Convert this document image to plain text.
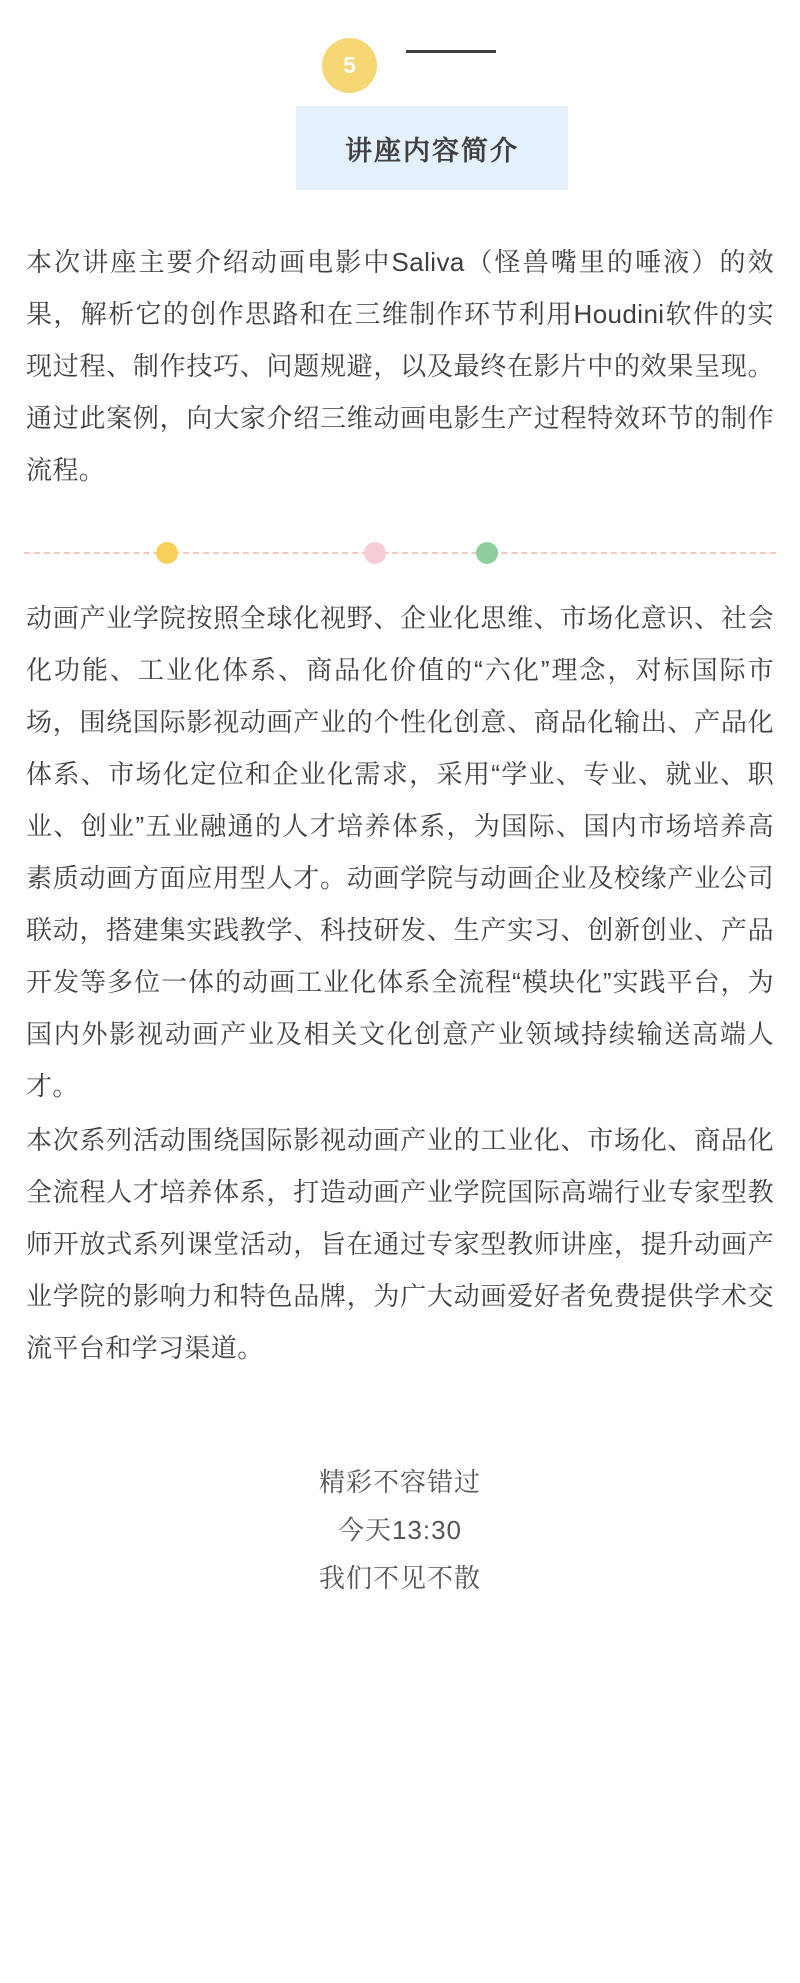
5
讲座内容简介

本次讲座主要介绍动画电影中Saliva（怪兽嘴里的唾液）的效果，解析它的创作思路和在三维制作环节利用Houdini软件的实现过程、制作技巧、问题规避，以及最终在影片中的效果呈现。通过此案例，向大家介绍三维动画电影生产过程特效环节的制作流程。

动画产业学院按照全球化视野、企业化思维、市场化意识、社会化功能、工业化体系、商品化价值的“六化”理念，对标国际市场，围绕国际影视动画产业的个性化创意、商品化输出、产品化体系、市场化定位和企业化需求，采用“学业、专业、就业、职业、创业”五业融通的人才培养体系，为国际、国内市场培养高素质动画方面应用型人才。动画学院与动画企业及校缘产业公司联动，搭建集实践教学、科技研发、生产实习、创新创业、产品开发等多位一体的动画工业化体系全流程“模块化”实践平台，为国内外影视动画产业及相关文化创意产业领域持续输送高端人才。

本次系列活动围绕国际影视动画产业的工业化、市场化、商品化全流程人才培养体系，打造动画产业学院国际高端行业专家型教师开放式系列课堂活动，旨在通过专家型教师讲座，提升动画产业学院的影响力和特色品牌，为广大动画爱好者免费提供学术交流平台和学习渠道。

精彩不容错过
今天13:30
我们不见不散
